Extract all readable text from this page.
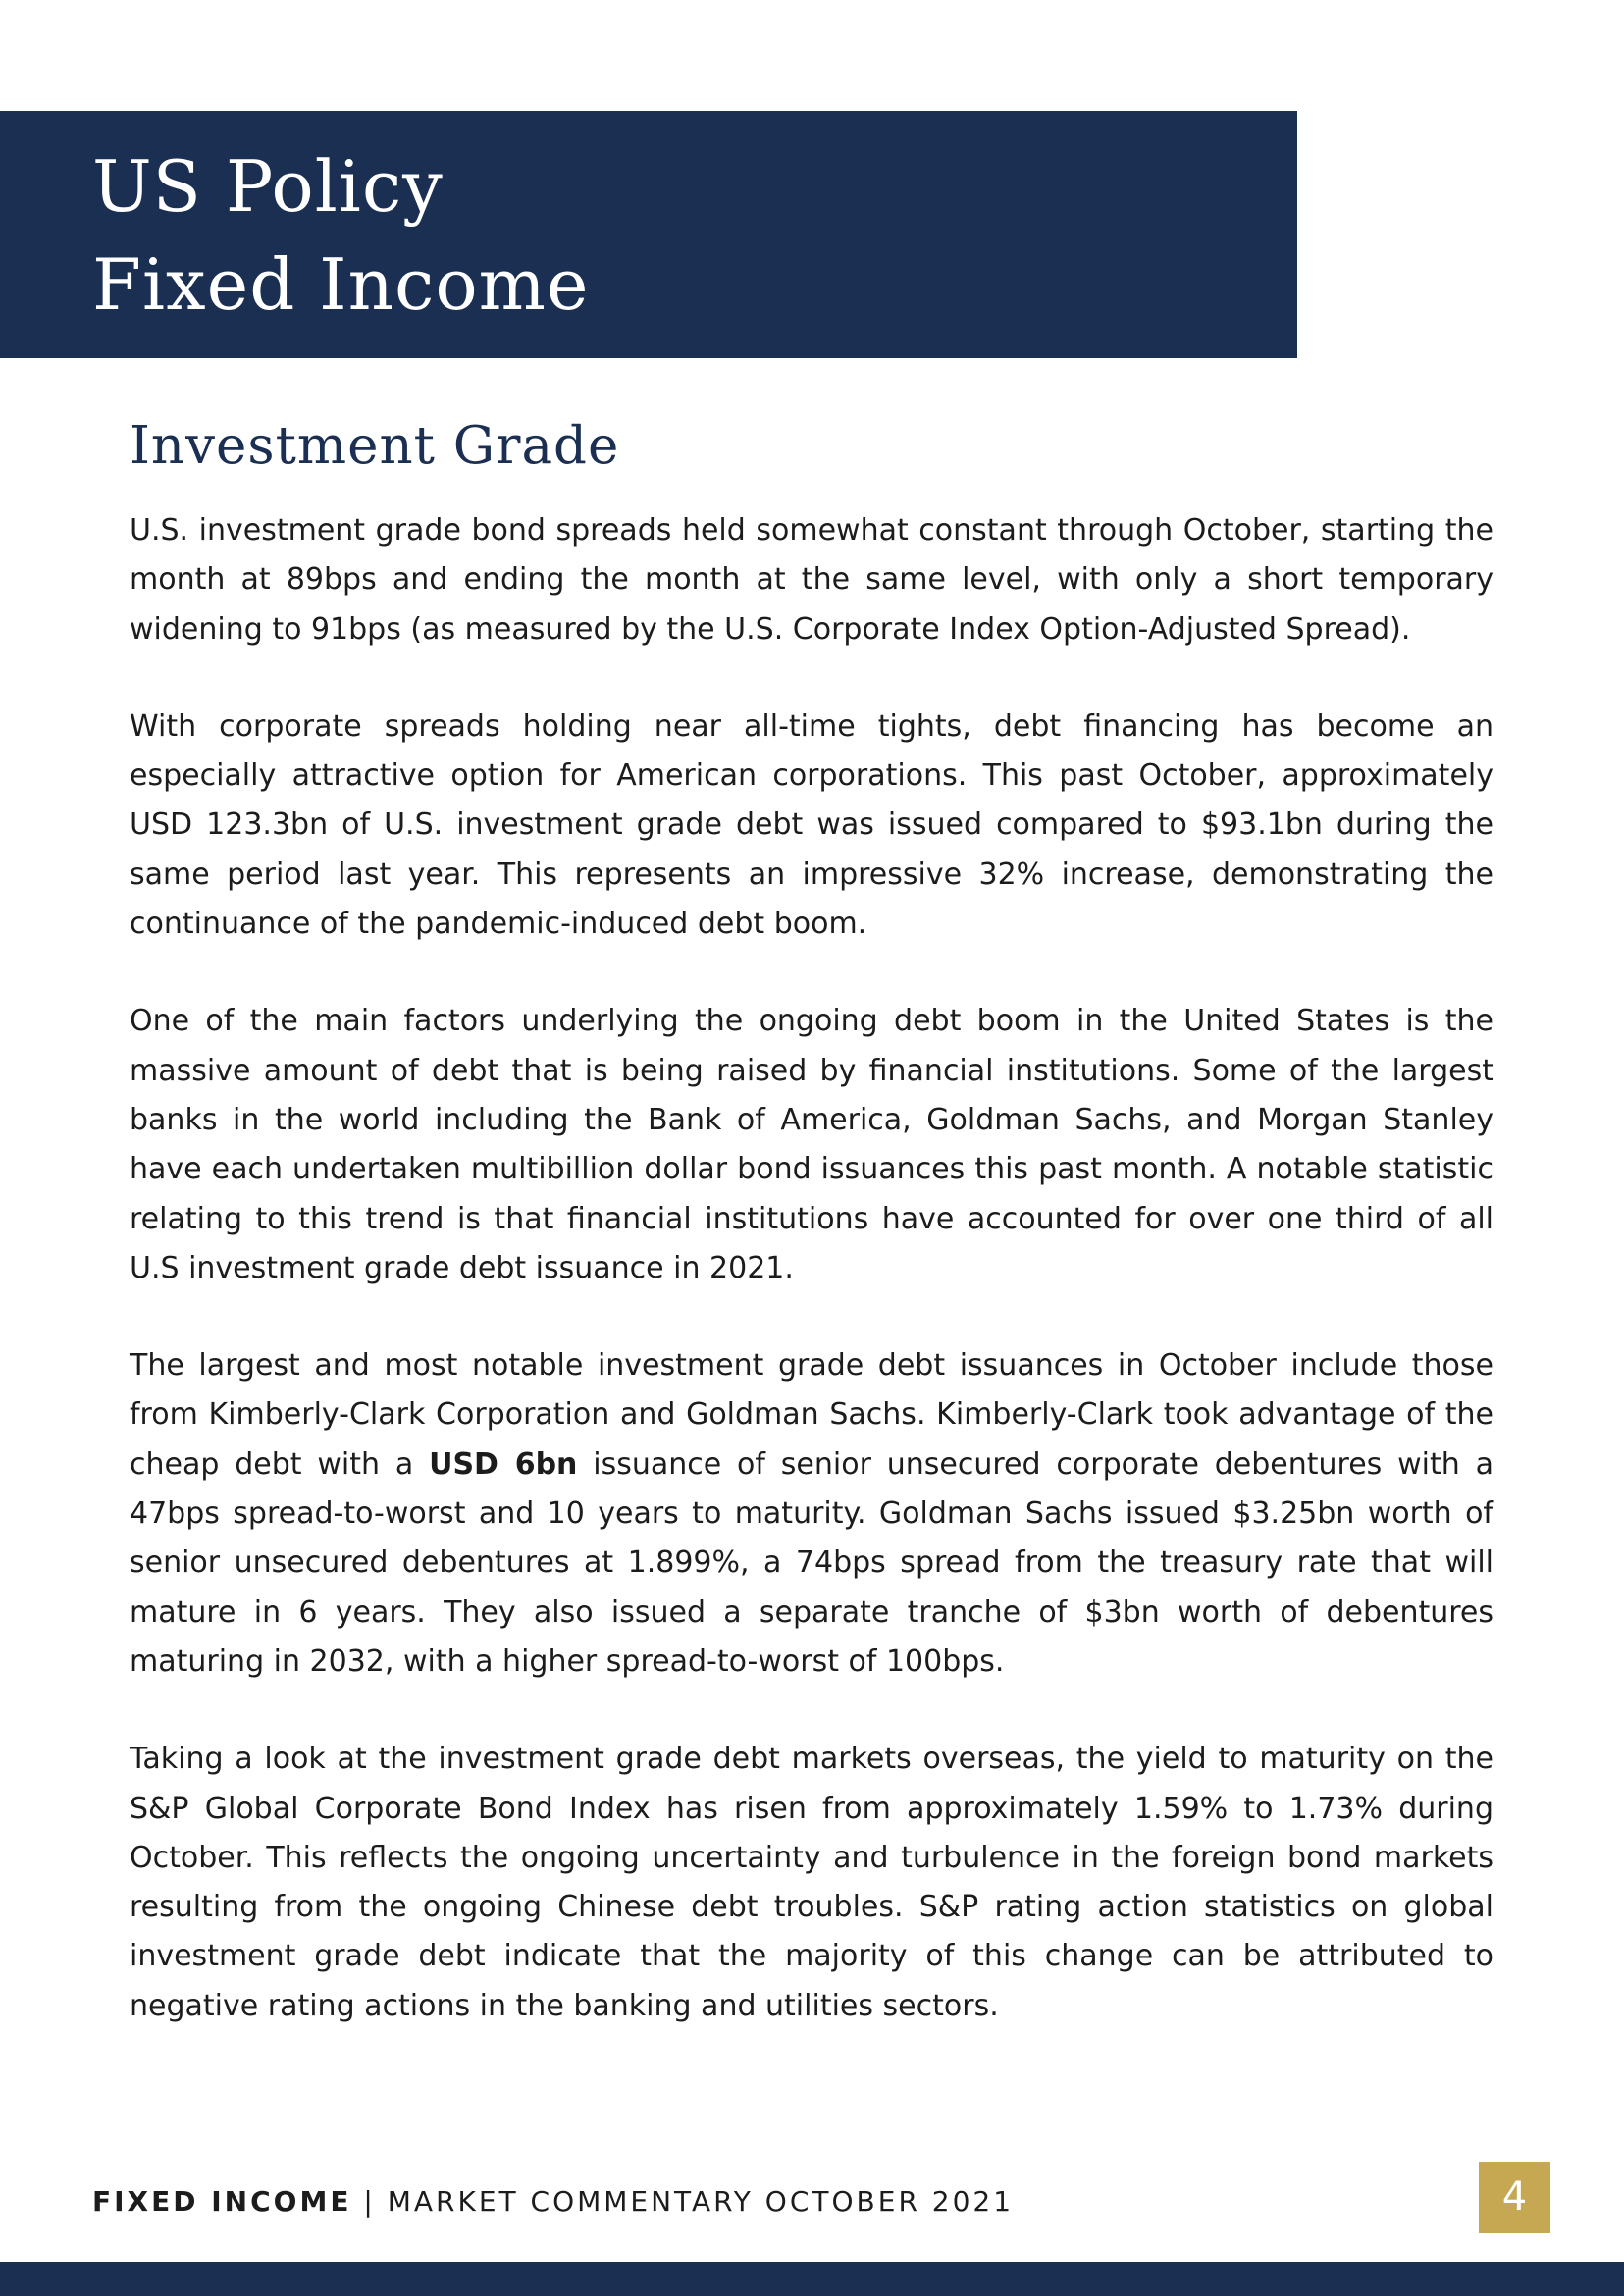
US Policy
Fixed Income
Investment Grade

U.S. investment grade bond spreads held somewhat constant through October, starting the month at 89bps and ending the month at the same level, with only a short temporary widening to 91bps (as measured by the U.S. Corporate Index Option-Adjusted Spread).

With corporate spreads holding near all-time tights, debt financing has become an especially attractive option for American corporations. This past October, approximately USD 123.3bn of U.S. investment grade debt was issued compared to $93.1bn during the same period last year. This represents an impressive 32% increase, demonstrating the continuance of the pandemic-induced debt boom.

One of the main factors underlying the ongoing debt boom in the United States is the massive amount of debt that is being raised by financial institutions. Some of the largest banks in the world including the Bank of America, Goldman Sachs, and Morgan Stanley have each undertaken multibillion dollar bond issuances this past month. A notable statistic relating to this trend is that financial institutions have accounted for over one third of all U.S investment grade debt issuance in 2021.

The largest and most notable investment grade debt issuances in October include those from Kimberly-Clark Corporation and Goldman Sachs. Kimberly-Clark took advantage of the cheap debt with a USD 6bn issuance of senior unsecured corporate debentures with a 47bps spread-to-worst and 10 years to maturity. Goldman Sachs issued $3.25bn worth of senior unsecured debentures at 1.899%, a 74bps spread from the treasury rate that will mature in 6 years. They also issued a separate tranche of $3bn worth of debentures maturing in 2032, with a higher spread-to-worst of 100bps.

Taking a look at the investment grade debt markets overseas, the yield to maturity on the S&P Global Corporate Bond Index has risen from approximately 1.59% to 1.73% during October. This reflects the ongoing uncertainty and turbulence in the foreign bond markets resulting from the ongoing Chinese debt troubles. S&P rating action statistics on global investment grade debt indicate that the majority of this change can be attributed to negative rating actions in the banking and utilities sectors.

FIXED INCOME | MARKET COMMENTARY OCTOBER 2021	4
